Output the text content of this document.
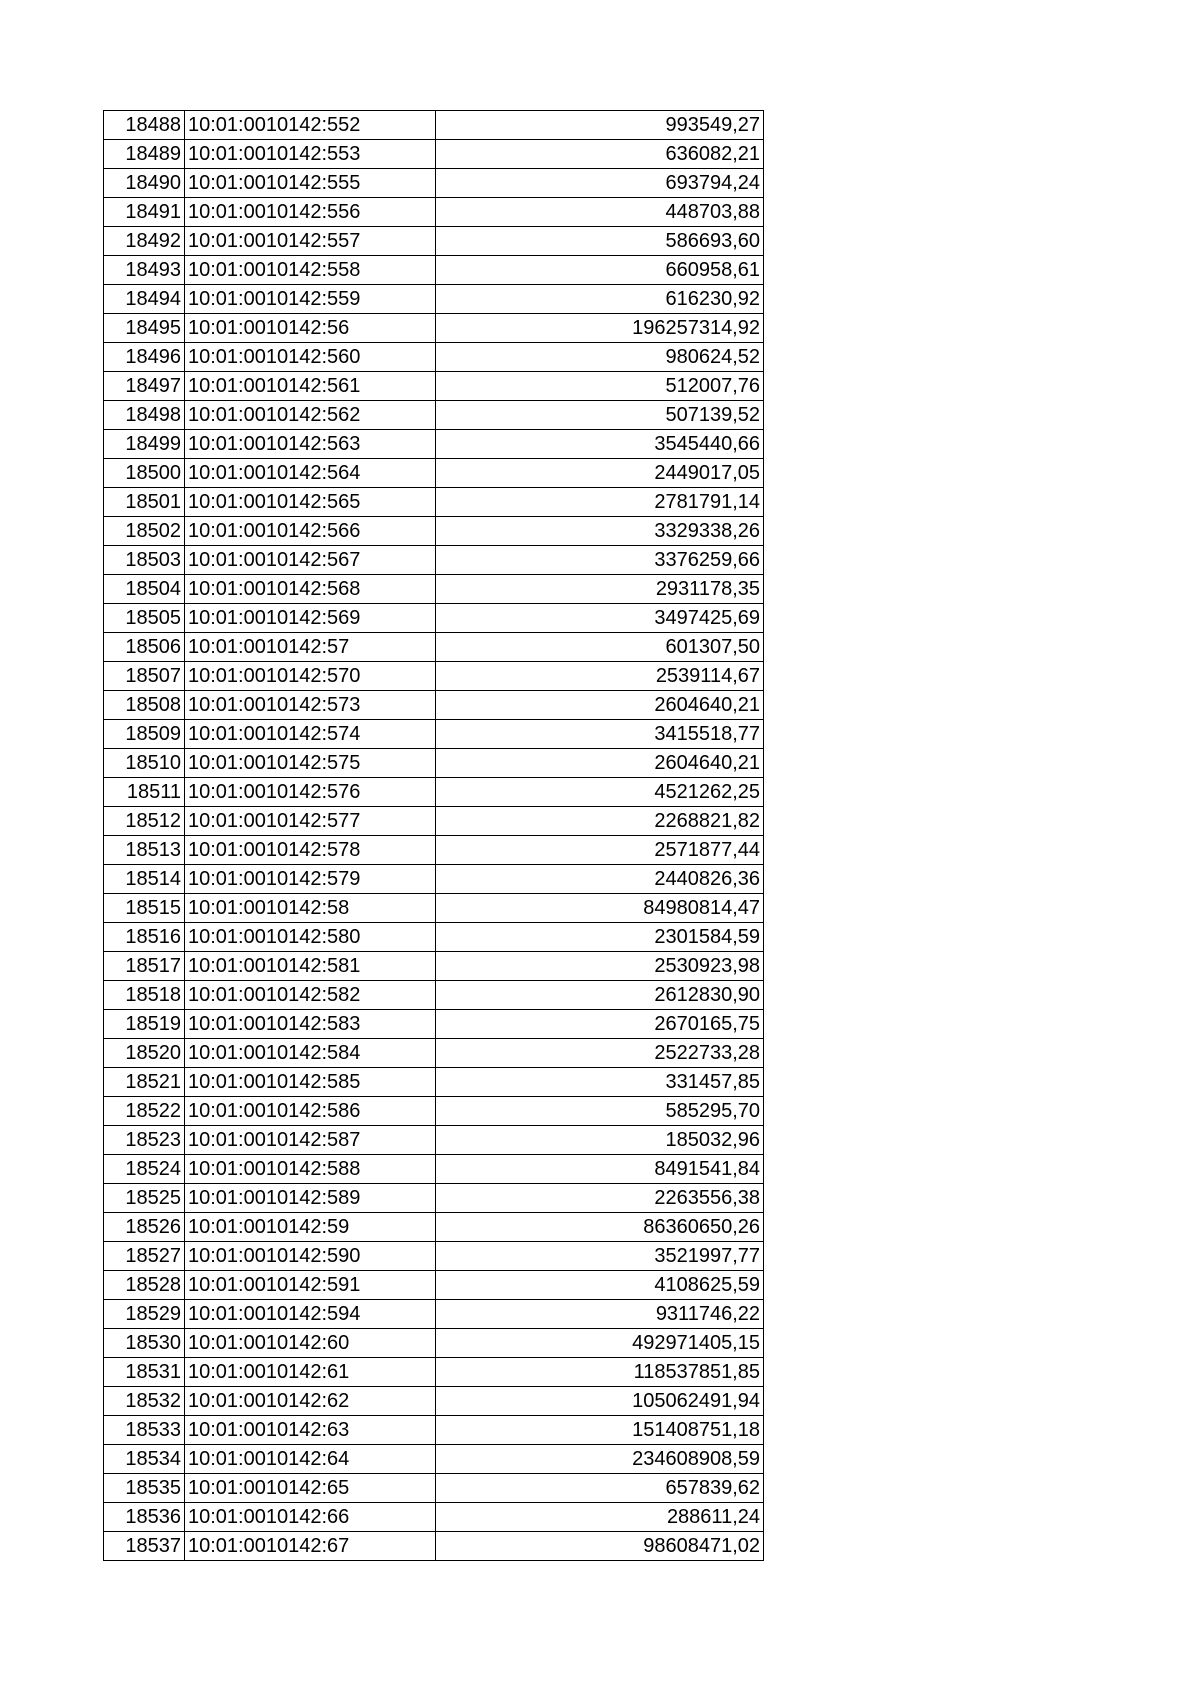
18488	10:01:0010142:552	993549,27
18489	10:01:0010142:553	636082,21
18490	10:01:0010142:555	693794,24
18491	10:01:0010142:556	448703,88
18492	10:01:0010142:557	586693,60
18493	10:01:0010142:558	660958,61
18494	10:01:0010142:559	616230,92
18495	10:01:0010142:56	196257314,92
18496	10:01:0010142:560	980624,52
18497	10:01:0010142:561	512007,76
18498	10:01:0010142:562	507139,52
18499	10:01:0010142:563	3545440,66
18500	10:01:0010142:564	2449017,05
18501	10:01:0010142:565	2781791,14
18502	10:01:0010142:566	3329338,26
18503	10:01:0010142:567	3376259,66
18504	10:01:0010142:568	2931178,35
18505	10:01:0010142:569	3497425,69
18506	10:01:0010142:57	601307,50
18507	10:01:0010142:570	2539114,67
18508	10:01:0010142:573	2604640,21
18509	10:01:0010142:574	3415518,77
18510	10:01:0010142:575	2604640,21
18511	10:01:0010142:576	4521262,25
18512	10:01:0010142:577	2268821,82
18513	10:01:0010142:578	2571877,44
18514	10:01:0010142:579	2440826,36
18515	10:01:0010142:58	84980814,47
18516	10:01:0010142:580	2301584,59
18517	10:01:0010142:581	2530923,98
18518	10:01:0010142:582	2612830,90
18519	10:01:0010142:583	2670165,75
18520	10:01:0010142:584	2522733,28
18521	10:01:0010142:585	331457,85
18522	10:01:0010142:586	585295,70
18523	10:01:0010142:587	185032,96
18524	10:01:0010142:588	8491541,84
18525	10:01:0010142:589	2263556,38
18526	10:01:0010142:59	86360650,26
18527	10:01:0010142:590	3521997,77
18528	10:01:0010142:591	4108625,59
18529	10:01:0010142:594	9311746,22
18530	10:01:0010142:60	492971405,15
18531	10:01:0010142:61	118537851,85
18532	10:01:0010142:62	105062491,94
18533	10:01:0010142:63	151408751,18
18534	10:01:0010142:64	234608908,59
18535	10:01:0010142:65	657839,62
18536	10:01:0010142:66	288611,24
18537	10:01:0010142:67	98608471,02
